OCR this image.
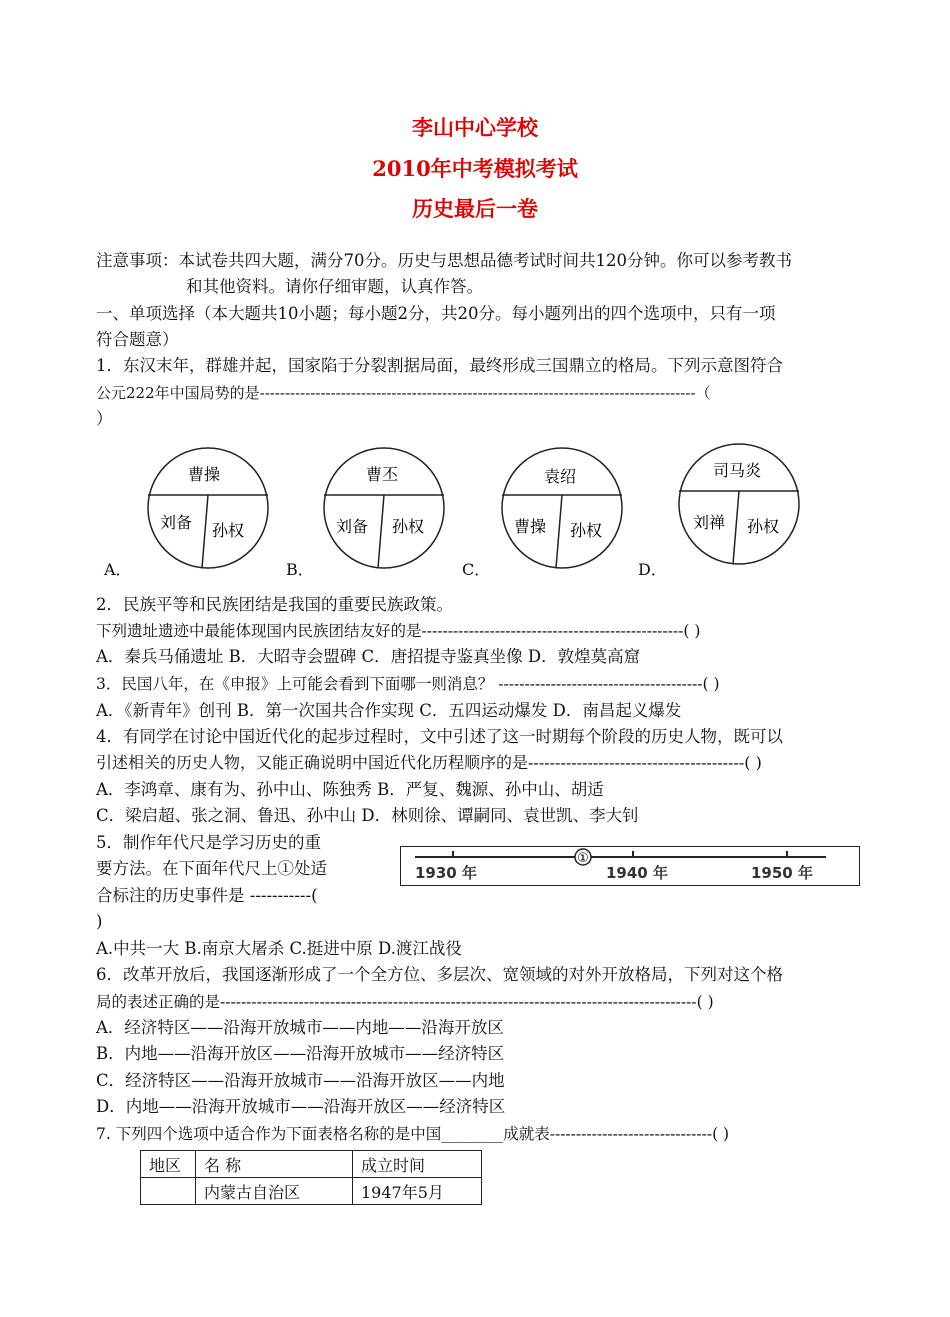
李山中心学校
2010年中考模拟考试
历史最后一卷
注意事项：本试卷共四大题，满分70分。历史与思想品德考试时间共120分钟。你可以参考教书
和其他资料。请你仔细审题，认真作答。
一、单项选择（本大题共10小题；每小题2分，共20分。每小题列出的四个选项中，只有一项
符合题意）
1．东汉末年，群雄并起，国家陷于分裂割据局面，最终形成三国鼎立的格局。下列示意图符合
公元222年中国局势的是--------------------------------------------------------------------------------------（
）
曹操
刘备 孙权
曹丕
刘备 孙权
袁绍
曹操 孙权
司马炎
刘禅 孙权
A．	B．	C．	D．
2．民族平等和民族团结是我国的重要民族政策。
下列遗址遗迹中最能体现国内民族团结友好的是--------------------------------------------------( )
A．秦兵马俑遗址 B．大昭寺会盟碑 C．唐招提寺鉴真坐像 D．敦煌莫高窟
3．民国八年，在《申报》上可能会看到下面哪一则消息？ ---------------------------------------( )
A．《新青年》创刊 B．第一次国共合作实现 C．五四运动爆发 D．南昌起义爆发
4．有同学在讨论中国近代化的起步过程时，文中引述了这一时期每个阶段的历史人物，既可以
引述相关的历史人物，又能正确说明中国近代化历程顺序的是----------------------------------------( )
A．李鸿章、康有为、孙中山、陈独秀 B．严复、魏源、孙中山、胡适
C．梁启超、张之洞、鲁迅、孙中山 D．林则徐、谭嗣同、袁世凯、李大钊
5．制作年代尺是学习历史的重
要方法。在下面年代尺上①处适
合标注的历史事件是 -----------(
)
①
1930 年	1940 年	1950 年
A.中共一大 B.南京大屠杀 C.挺进中原 D.渡江战役
6．改革开放后，我国逐渐形成了一个全方位、多层次、宽领域的对外开放格局，下列对这个格
局的表述正确的是-------------------------------------------------------------------------------------------( )
A．经济特区——沿海开放城市——内地——沿海开放区
B．内地——沿海开放区——沿海开放城市——经济特区
C．经济特区——沿海开放城市——沿海开放区——内地
D．内地——沿海开放城市——沿海开放区——经济特区
7. 下列四个选项中适合作为下面表格名称的是中国________成就表-------------------------------( )
地区	名 称	成立时间
	内蒙古自治区	1947年5月
